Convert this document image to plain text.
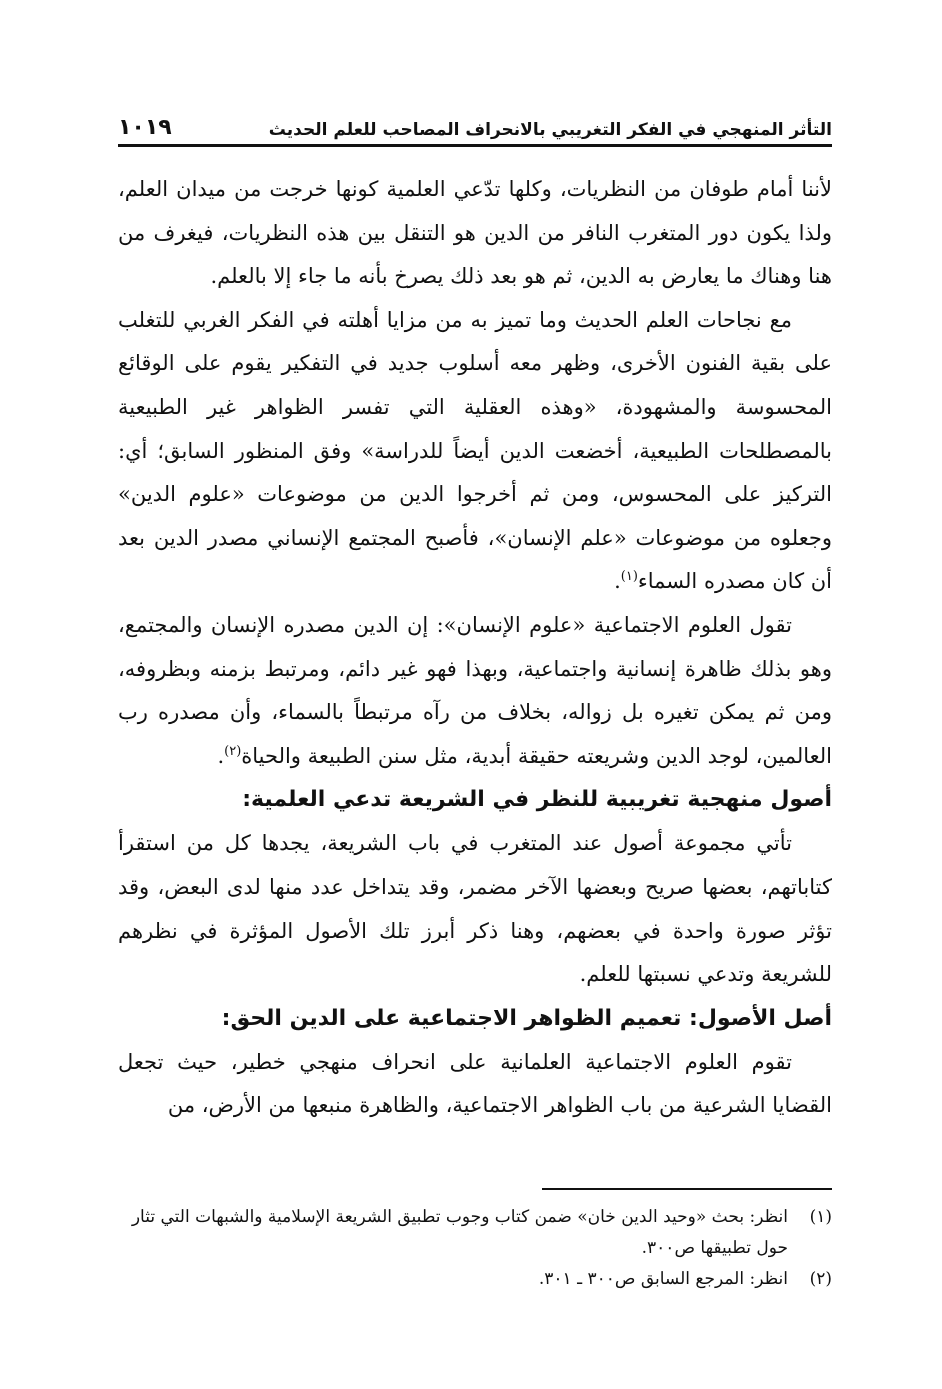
التأثر المنهجي في الفكر التغريبي بالانحراف المصاحب للعلم الحديث
١٠١٩

لأننا أمام طوفان من النظريات، وكلها تدّعي العلمية كونها خرجت من ميدان العلم، ولذا يكون دور المتغرب النافر من الدين هو التنقل بين هذه النظريات، فيغرف من هنا وهناك ما يعارض به الدين، ثم هو بعد ذلك يصرخ بأنه ما جاء إلا بالعلم.

مع نجاحات العلم الحديث وما تميز به من مزايا أهلته في الفكر الغربي للتغلب على بقية الفنون الأخرى، وظهر معه أسلوب جديد في التفكير يقوم على الوقائع المحسوسة والمشهودة، «وهذه العقلية التي تفسر الظواهر غير الطبيعية بالمصطلحات الطبيعية، أخضعت الدين أيضاً للدراسة» وفق المنظور السابق؛ أي: التركيز على المحسوس، ومن ثم أخرجوا الدين من موضوعات «علوم الدين» وجعلوه من موضوعات «علم الإنسان»، فأصبح المجتمع الإنساني مصدر الدين بعد أن كان مصدره السماء$^{(١)}$.

تقول العلوم الاجتماعية «علوم الإنسان»: إن الدين مصدره الإنسان والمجتمع، وهو بذلك ظاهرة إنسانية واجتماعية، وبهذا فهو غير دائم، ومرتبط بزمنه وبظروفه، ومن ثم يمكن تغيره بل زواله، بخلاف من رآه مرتبطاً بالسماء، وأن مصدره رب العالمين، لوجد الدين وشريعته حقيقة أبدية، مثل سنن الطبيعة والحياة$^{(٢)}$.

أصول منهجية تغريبية للنظر في الشريعة تدعي العلمية:

تأتي مجموعة أصول عند المتغرب في باب الشريعة، يجدها كل من استقرأ كتاباتهم، بعضها صريح وبعضها الآخر مضمر، وقد يتداخل عدد منها لدى البعض، وقد تؤثر صورة واحدة في بعضهم، وهنا ذكر أبرز تلك الأصول المؤثرة في نظرهم للشريعة وتدعي نسبتها للعلم.

أصل الأصول: تعميم الظواهر الاجتماعية على الدين الحق:

تقوم العلوم الاجتماعية العلمانية على انحراف منهجي خطير، حيث تجعل القضايا الشرعية من باب الظواهر الاجتماعية، والظاهرة منبعها من الأرض، من

(١)
انظر: بحث «وحيد الدين خان» ضمن كتاب وجوب تطبيق الشريعة الإسلامية والشبهات التي تثار حول تطبيقها ص٣٠٠.
(٢)
انظر: المرجع السابق ص٣٠٠ ـ ٣٠١.
